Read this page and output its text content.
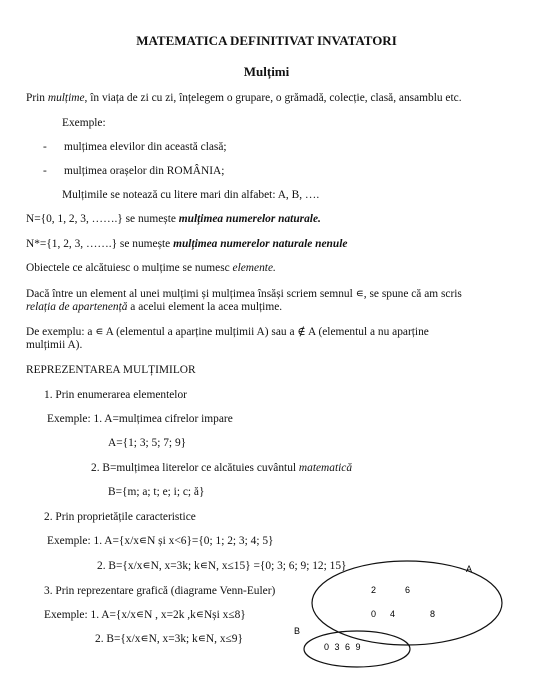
MATEMATICA DEFINITIVAT INVATATORI
Mulțimi
Prin mulțime, în viața de zi cu zi, înțelegem o grupare, o grămadă, colecție, clasă, ansamblu etc.
Exemple:
- mulțimea elevilor din această clasă;
- mulțimea orașelor din ROMÂNIA;
Mulțimile se notează cu litere mari din alfabet: A, B, ….
N={0, 1, 2, 3, …….} se numește mulțimea numerelor naturale.
N*={1, 2, 3, …….} se numește mulțimea numerelor naturale nenule
Obiectele ce alcătuiesc o mulțime se numesc elemente.
Dacă între un element al unei mulțimi și mulțimea însăși scriem semnul ∊, se spune că am scris
relația de apartenență a acelui element la acea mulțime.
De exemplu: a ∊ A (elementul a aparține mulțimii A) sau a ∉ A (elementul a nu aparține
mulțimii A).
REPREZENTAREA MULȚIMILOR
1. Prin enumerarea elementelor
Exemple: 1. A=mulțimea cifrelor impare
A={1; 3; 5; 7; 9}
2. B=mulțimea literelor ce alcătuies cuvântul matematică
B={m; a; t; e; i; c; ă}
2. Prin proprietățile caracteristice
Exemple: 1. A={x/x∊N și x<6}={0; 1; 2; 3; 4; 5}
2. B={x/x∊N, x=3k; k∊N, x≤15} ={0; 3; 6; 9; 12; 15}
3. Prin reprezentare grafică (diagrame Venn-Euler)
Exemple: 1. A={x/x∊N , x=2k ,k∊Nși x≤8}
2. B={x/x∊N, x=3k; k∊N, x≤9}
A
2	6
0 4	8
B
0 3 6 9
